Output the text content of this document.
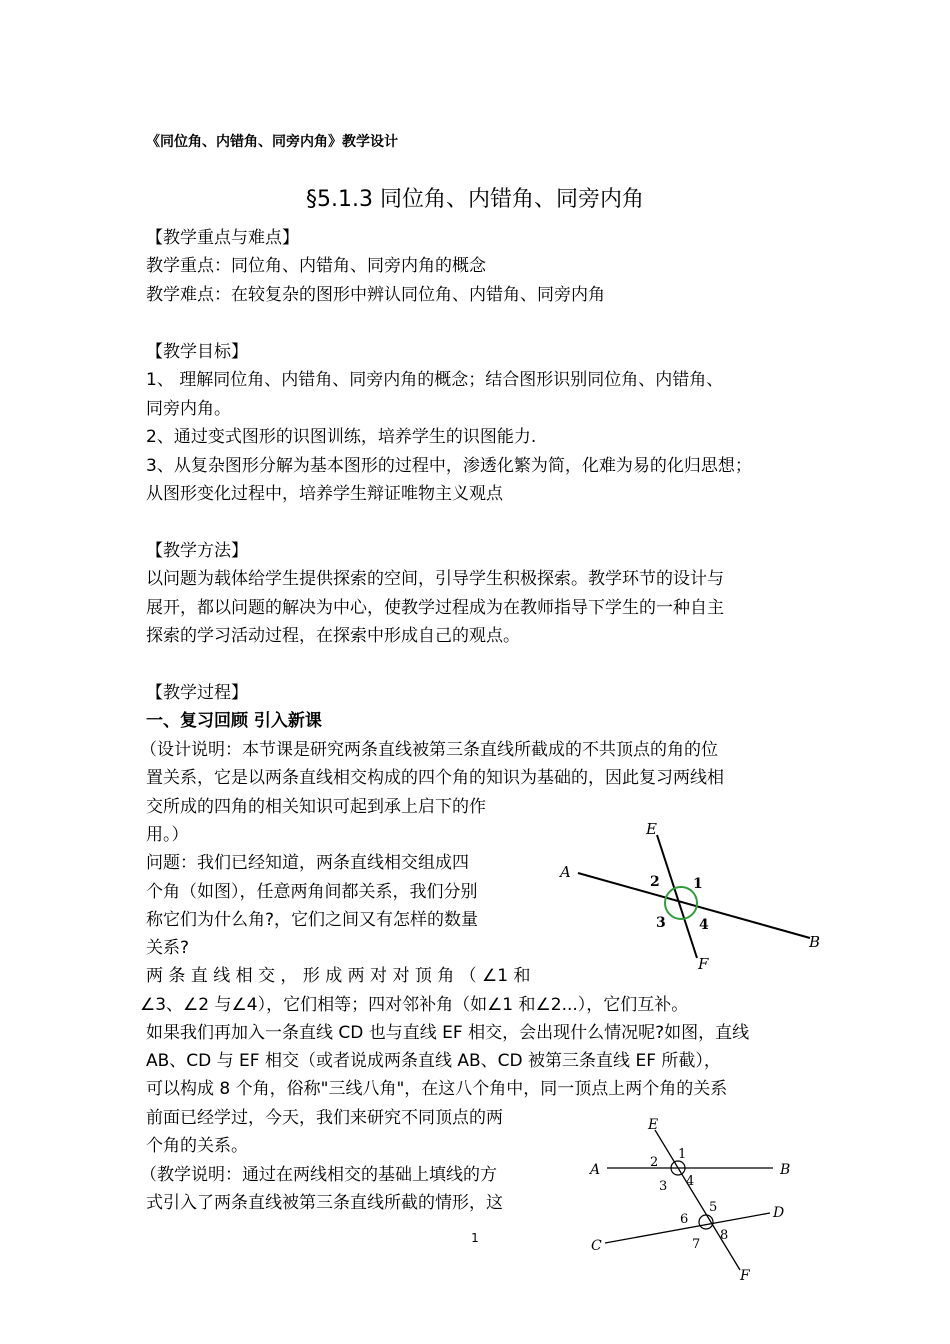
《同位角、内错角、同旁内角》教学设计
§5.1.3 同位角、内错角、同旁内角
【教学重点与难点】
教学重点：同位角、内错角、同旁内角的概念
教学难点：在较复杂的图形中辨认同位角、内错角、同旁内角
【教学目标】
1、 理解同位角、内错角、同旁内角的概念；结合图形识别同位角、内错角、
同旁内角。
2、通过变式图形的识图训练，培养学生的识图能力.
3、从复杂图形分解为基本图形的过程中，渗透化繁为简，化难为易的化归思想；
从图形变化过程中，培养学生辩证唯物主义观点
【教学方法】
以问题为载体给学生提供探索的空间，引导学生积极探索。教学环节的设计与
展开，都以问题的解决为中心，使教学过程成为在教师指导下学生的一种自主
探索的学习活动过程，在探索中形成自己的观点。
【教学过程】
一、复习回顾 引入新课
（设计说明：本节课是研究两条直线被第三条直线所截成的不共顶点的角的位
置关系，它是以两条直线相交构成的四个角的知识为基础的，因此复习两线相
交所成的四角的相关知识可起到承上启下的作
用。）
问题：我们已经知道，两条直线相交组成四
个角（如图），任意两角间都关系，我们分别
称它们为什么角?，它们之间又有怎样的数量
关系?
两 条 直 线 相 交 ， 形 成 两 对 对 顶 角 （ ∠1 和
∠3、∠2 与∠4），它们相等；四对邻补角（如∠1 和∠2...），它们互补。
如果我们再加入一条直线 CD 也与直线 EF 相交，会出现什么情况呢?如图，直线
AB、CD 与 EF 相交（或者说成两条直线 AB、CD 被第三条直线 EF 所截），
可以构成 8 个角，俗称"三线八角"，在这八个角中，同一顶点上两个角的关系
前面已经学过，今天，我们来研究不同顶点的两
个角的关系。
（教学说明：通过在两线相交的基础上填线的方
式引入了两条直线被第三条直线所截的情形，这
1
E
A
B
F
2 1
3 4
E
A	B
C
D
F
1
2
3 4
5
6
7
8
